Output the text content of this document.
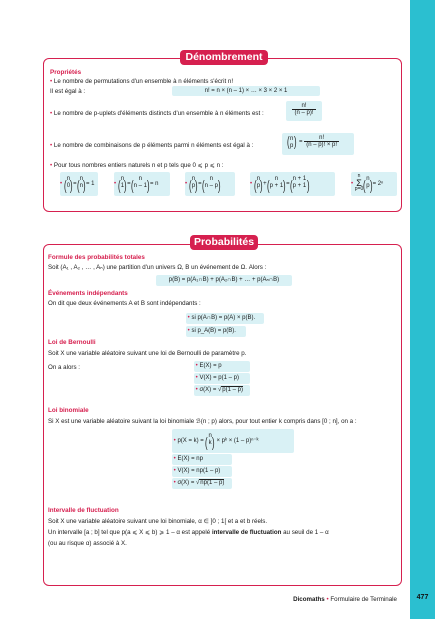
477
Dicomaths • Formulaire de Terminale
Dénombrement
Propriétés
• Le nombre de permutations d'un ensemble à n éléments s'écrit n!
Il est égal à :	n! = n × (n – 1) × … × 3 × 2 × 1
• Le nombre de p-uplets d'éléments distincts d'un ensemble à n éléments est :	$\frac{n!}{(n - p)!}$
• Le nombre de combinaisons de p éléments parmi n éléments est égal à :
( n
p
) = $\frac{n!}{(n - p)! \times p!}$
• Pour tous nombres entiers naturels n et p tels que 0 ⩽ p ⩽ n :
•
( n
0
) =
( n
n
) = 1	•
( n
1
) =
( n
n – 1
) = n	•
( n
p
) =
( n
n – p
)	•
( n
p
) +
( n
p + 1
) =
( n + 1
p + 1
)	• n
Σ
p=0
( n
p
) = 2ⁿ
Probabilités
Formule des probabilités totales
Soit (A₁ , A₂ , … , Aₙ) une partition d'un univers Ω, B un événement de Ω. Alors :
p(B) = p(A₁∩B) + p(A₂∩B) + … + p(Aₙ∩B)
Événements indépendants
On dit que deux événements A et B sont indépendants :
• si p(A∩B) = p(A) × p(B).
• si p_A(B) = p(B).
Loi de Bernoulli
Soit X une variable aléatoire suivant une loi de Bernoulli de paramètre p.
On a alors :	• E(X) = p
• V(X) = p(1 – p)
• σ(X) = √p(1 – p)
Loi binomiale
Si X est une variable aléatoire suivant la loi binomiale ℬ(n ; p) alors, pour tout entier k compris dans [0 ; n], on a :
• p(X = k) =
( n
k
) × pᵏ × (1 – p)ⁿ⁻ᵏ
• E(X) = np
• V(X) = np(1 – p)
• σ(X) = √np(1 – p)
Intervalle de fluctuation
Soit X une variable aléatoire suivant une loi binomiale, α ∈ ]0 ; 1[ et a et b réels.
Un intervalle [a ; b] tel que p(a ⩽ X ⩽ b) ⩾ 1 – α est appelé intervalle de fluctuation au seuil de 1 – α
(ou au risque α) associé à X.
